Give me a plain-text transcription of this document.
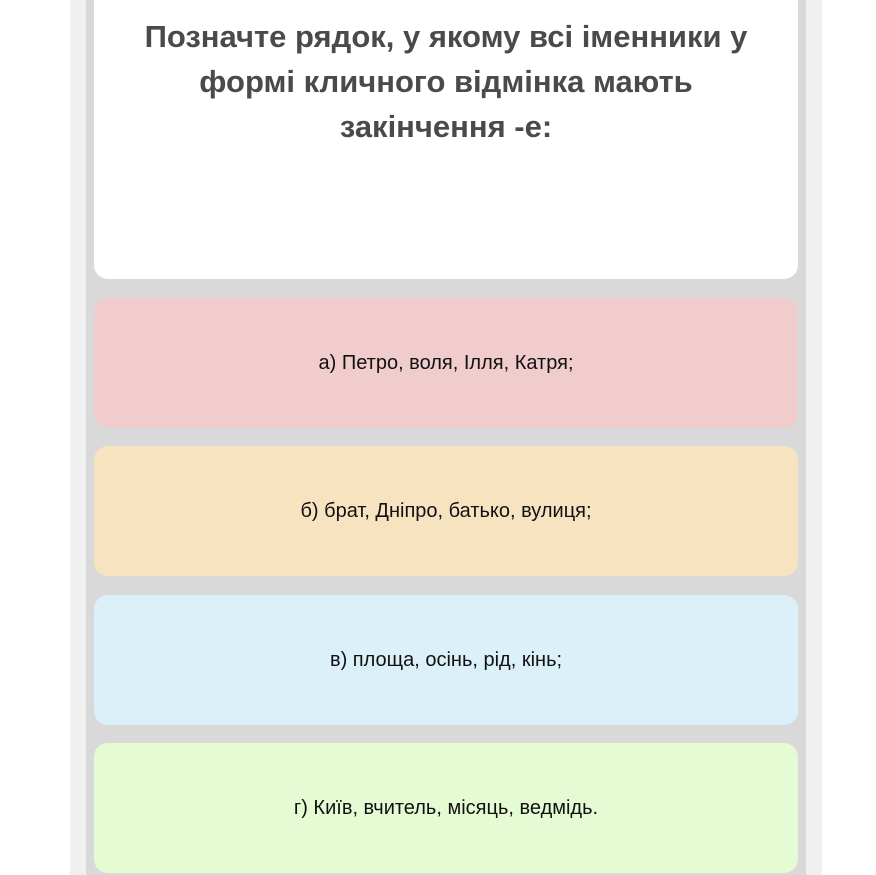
Позначте рядок, у якому всі іменники у формі кличного відмінка мають закінчення -е:

а) Петро, воля, Ілля, Катря;
б) брат, Дніпро, батько, вулиця;
в) площа, осінь, рід, кінь;
г) Київ, вчитель, місяць, ведмідь.
